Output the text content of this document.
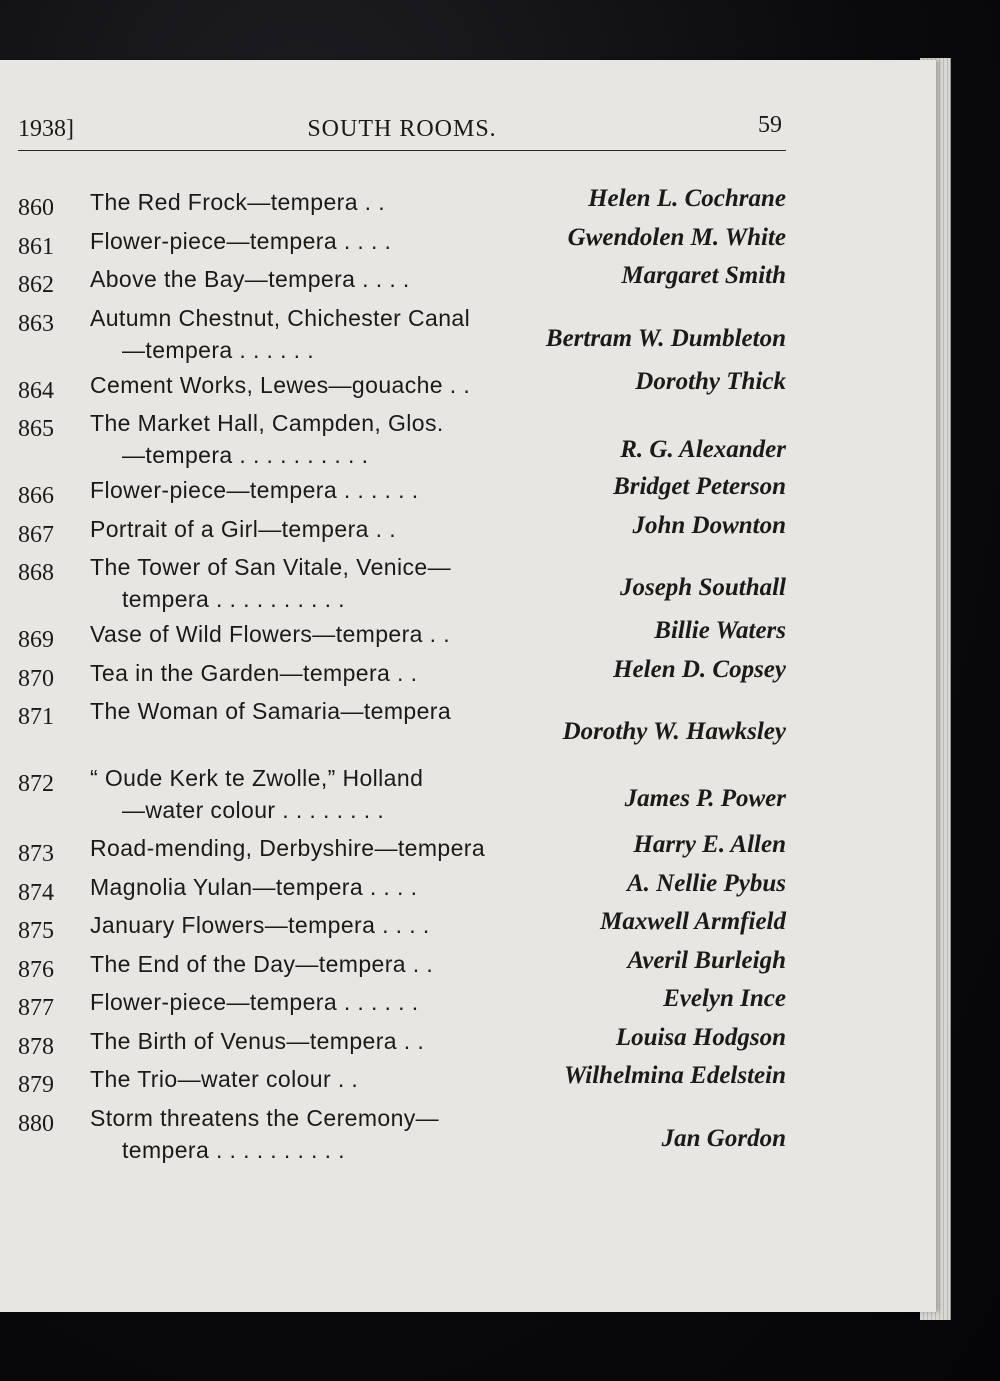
1938]	SOUTH ROOMS.	59
860 The Red Frock—tempera . .	Helen L. Cochrane
861 Flower-piece—tempera . . . .	Gwendolen M. White
862 Above the Bay—tempera . . . .	Margaret Smith
863 Autumn Chestnut, Chichester Canal
—tempera . . . . . .	Bertram W. Dumbleton
864 Cement Works, Lewes—gouache . .	Dorothy Thick
865 The Market Hall, Campden, Glos.
—tempera . . . . . . . . . .	R. G. Alexander
866 Flower-piece—tempera . . . . . .	Bridget Peterson
867 Portrait of a Girl—tempera . .	John Downton
868 The Tower of San Vitale, Venice—
tempera . . . . . . . . . .	Joseph Southall
869 Vase of Wild Flowers—tempera . .	Billie Waters
870 Tea in the Garden—tempera . .	Helen D. Copsey
871 The Woman of Samaria—tempera
Dorothy W. Hawksley
872 “ Oude Kerk te Zwolle,” Holland
—water colour . . . . . . . .	James P. Power
873 Road-mending, Derbyshire—tempera	Harry E. Allen
874 Magnolia Yulan—tempera . . . .	A. Nellie Pybus
875 January Flowers—tempera . . . .	Maxwell Armfield
876 The End of the Day—tempera . .	Averil Burleigh
877 Flower-piece—tempera . . . . . .	Evelyn Ince
878 The Birth of Venus—tempera . .	Louisa Hodgson
879 The Trio—water colour . .	Wilhelmina Edelstein
880 Storm threatens the Ceremony—
tempera . . . . . . . . . .	Jan Gordon
